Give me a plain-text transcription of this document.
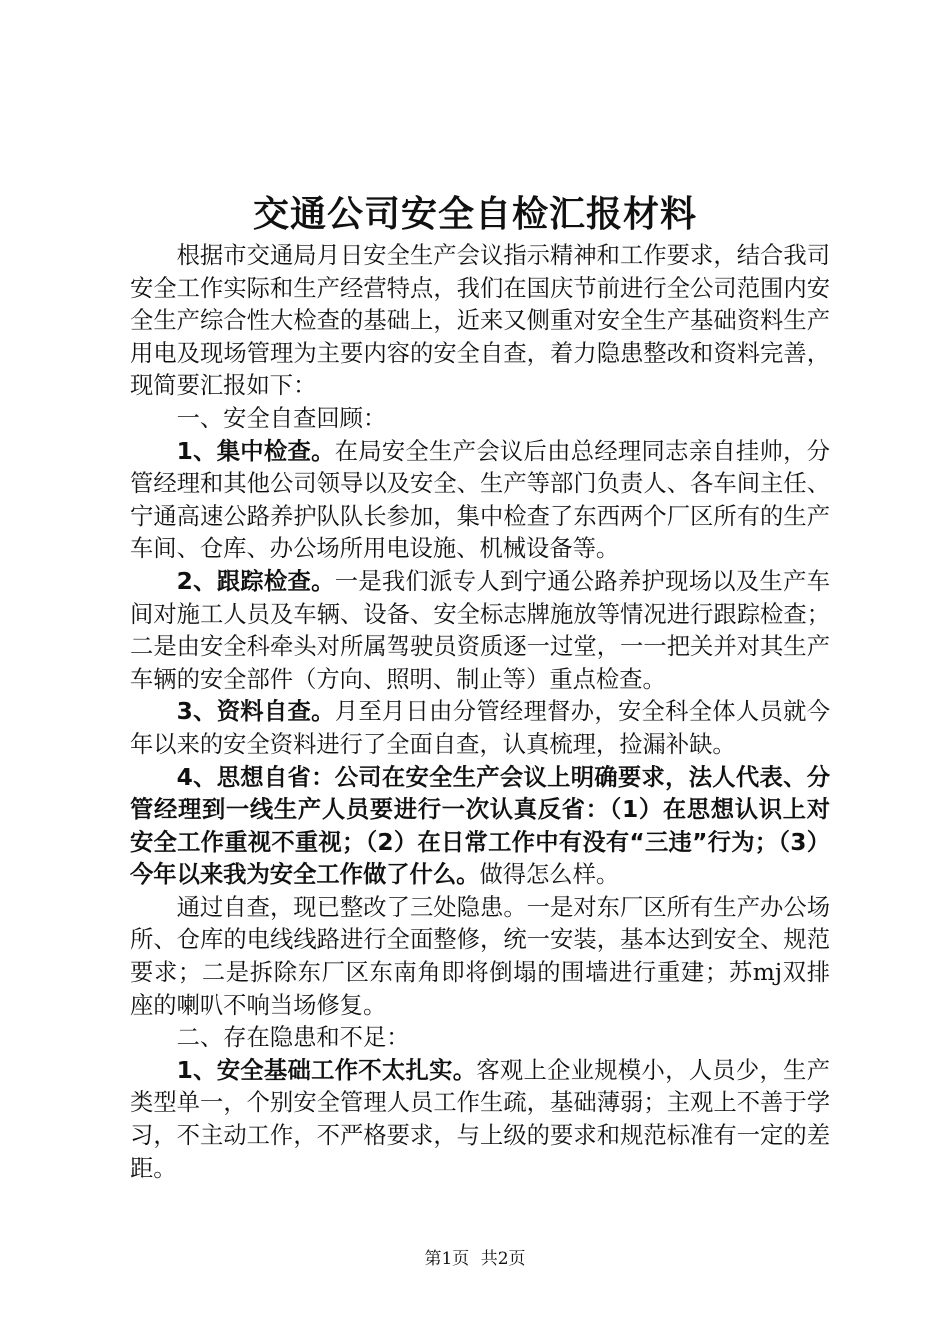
交通公司安全自检汇报材料

根据市交通局月日安全生产会议指示精神和工作要求，结合我司安全工作实际和生产经营特点，我们在国庆节前进行全公司范围内安全生产综合性大检查的基础上，近来又侧重对安全生产基础资料生产用电及现场管理为主要内容的安全自查，着力隐患整改和资料完善，现简要汇报如下：

一、安全自查回顾：

1、集中检查。在局安全生产会议后由总经理同志亲自挂帅，分管经理和其他公司领导以及安全、生产等部门负责人、各车间主任、宁通高速公路养护队队长参加，集中检查了东西两个厂区所有的生产车间、仓库、办公场所用电设施、机械设备等。

2、跟踪检查。一是我们派专人到宁通公路养护现场以及生产车间对施工人员及车辆、设备、安全标志牌施放等情况进行跟踪检查；二是由安全科牵头对所属驾驶员资质逐一过堂，一一把关并对其生产车辆的安全部件（方向、照明、制止等）重点检查。

3、资料自查。月至月日由分管经理督办，安全科全体人员就今年以来的安全资料进行了全面自查，认真梳理，捡漏补缺。

4、思想自省：公司在安全生产会议上明确要求，法人代表、分管经理到一线生产人员要进行一次认真反省：（1）在思想认识上对安全工作重视不重视；（2）在日常工作中有没有“三违”行为；（3）今年以来我为安全工作做了什么。做得怎么样。

通过自查，现已整改了三处隐患。一是对东厂区所有生产办公场所、仓库的电线线路进行全面整修，统一安装，基本达到安全、规范要求；二是拆除东厂区东南角即将倒塌的围墙进行重建；苏mj双排座的喇叭不响当场修复。

二、存在隐患和不足：

1、安全基础工作不太扎实。客观上企业规模小，人员少，生产类型单一，个别安全管理人员工作生疏，基础薄弱；主观上不善于学习，不主动工作，不严格要求，与上级的要求和规范标准有一定的差距。

第1页 共2页
